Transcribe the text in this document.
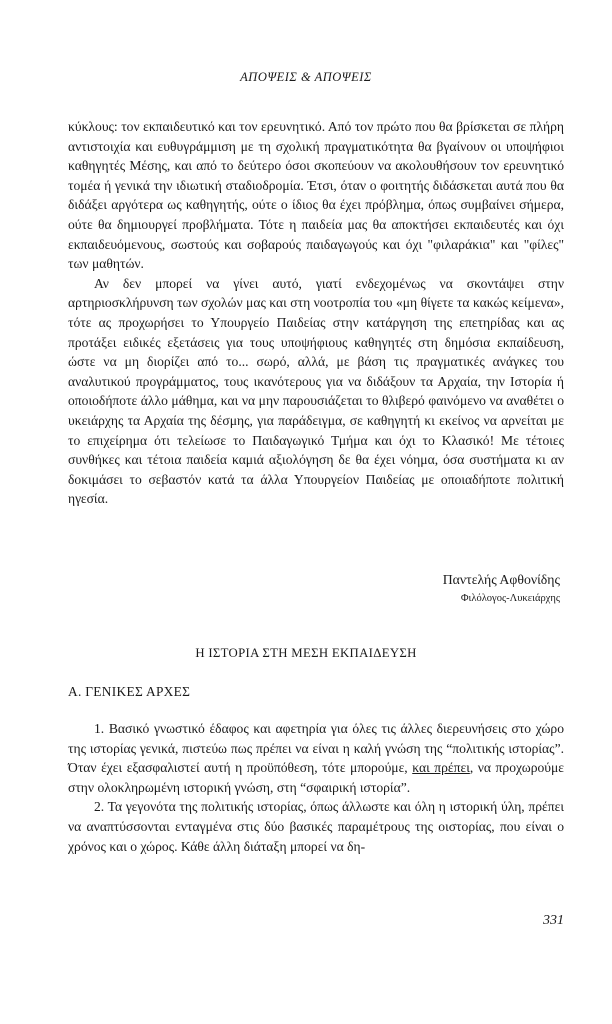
ΑΠΟΨΕΙΣ & ΑΠΟΨΕΙΣ

κύκλους: τον εκπαιδευτικό και τον ερευνητικό. Από τον πρώτο που θα βρίσκεται σε πλήρη αντιστοιχία και ευθυγράμμιση με τη σχολική πραγματικότητα θα βγαίνουν οι υποψήφιοι καθηγητές Μέσης, και από το δεύτερο όσοι σκοπεύουν να ακολουθήσουν τον ερευνητικό τομέα ή γενικά την ιδιωτική σταδιοδρομία. Έτσι, όταν ο φοιτητής διδάσκεται αυτά που θα διδάξει αργότερα ως καθηγητής, ούτε ο ίδιος θα έχει πρόβλημα, όπως συμβαίνει σήμερα, ούτε θα δημιουργεί προβλήματα. Τότε η παιδεία μας θα αποκτήσει εκπαιδευτές και όχι εκπαιδευόμενους, σωστούς και σοβαρούς παιδαγωγούς και όχι "φιλαράκια" και "φίλες" των μαθητών.

Αν δεν μπορεί να γίνει αυτό, γιατί ενδεχομένως να σκοντάψει στην αρτηριοσκλήρυνση των σχολών μας και στη νοοτροπία του «μη θίγετε τα κακώς κείμενα», τότε ας προχωρήσει το Υπουργείο Παιδείας στην κατάργηση της επετηρίδας και ας προτάξει ειδικές εξετάσεις για τους υποψήφιους καθηγητές στη δημόσια εκπαίδευση, ώστε να μη διορίζει από το... σωρό, αλλά, με βάση τις πραγματικές ανάγκες του αναλυτικού προγράμματος, τους ικανότερους για να διδάξουν τα Αρχαία, την Ιστορία ή οποιοδήποτε άλλο μάθημα, και να μην παρουσιάζεται το θλιβερό φαινόμενο να αναθέτει ο υκειάρχης τα Αρχαία της δέσμης, για παράδειγμα, σε καθηγητή κι εκείνος να αρνείται με το επιχείρημα ότι τελείωσε το Παιδαγωγικό Τμήμα και όχι το Κλασικό! Με τέτοιες συνθήκες και τέτοια παιδεία καμιά αξιολόγηση δε θα έχει νόημα, όσα συστήματα κι αν δοκιμάσει το σεβαστόν κατά τα άλλα Υπουργείον Παιδείας με οποιαδήποτε πολιτική ηγεσία.

Παντελής Αφθονίδης
Φιλόλογος-Λυκειάρχης
Η ΙΣΤΟΡΙΑ ΣΤΗ ΜΕΣΗ ΕΚΠΑΙΔΕΥΣΗ
Α. ΓΕΝΙΚΕΣ ΑΡΧΕΣ

1. Βασικό γνωστικό έδαφος και αφετηρία για όλες τις άλλες διερευνήσεις στο χώρο της ιστορίας γενικά, πιστεύω πως πρέπει να είναι η καλή γνώση της “πολιτικής ιστορίας”. Όταν έχει εξασφαλιστεί αυτή η προϋπόθεση, τότε μπορούμε, και πρέπει, να προχωρούμε στην ολοκληρωμένη ιστορική γνώση, στη “σφαιρική ιστορία”.

2. Τα γεγονότα της πολιτικής ιστορίας, όπως άλλωστε και όλη η ιστορική ύλη, πρέπει να αναπτύσσονται ενταγμένα στις δύο βασικές παραμέτρους της οιστορίας, που είναι ο χρόνος και ο χώρος. Κάθε άλλη διάταξη μπορεί να δη-

331
